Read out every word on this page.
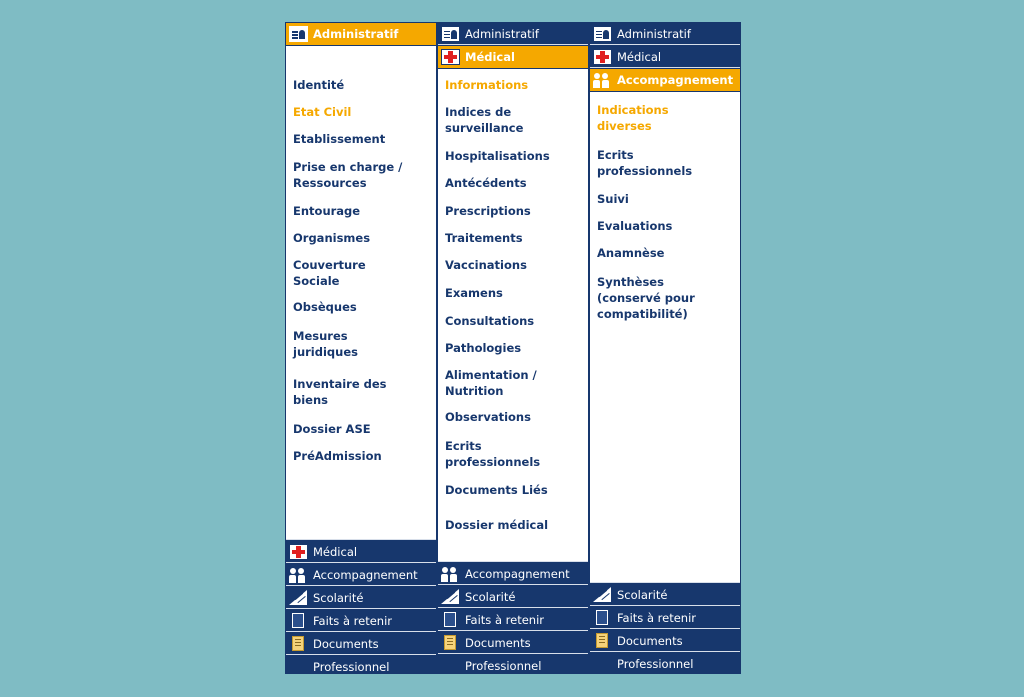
Administratif
Identité
Etat Civil
Etablissement
Prise en charge /
Ressources
Entourage
Organismes
Couverture
Sociale
Obsèques
Mesures
juridiques
Inventaire des
biens
Dossier ASE
PréAdmission
Médical
Accompagnement
Scolarité
Faits à retenir
Documents
Professionnel
Administratif
Médical
Informations
Indices de
surveillance
Hospitalisations
Antécédents
Prescriptions
Traitements
Vaccinations
Examens
Consultations
Pathologies
Alimentation /
Nutrition
Observations
Ecrits
professionnels
Documents Liés
Dossier médical
Accompagnement
Scolarité
Faits à retenir
Documents
Professionnel
Administratif
Médical
Accompagnement
Indications
diverses
Ecrits
professionnels
Suivi
Evaluations
Anamnèse
Synthèses
(conservé pour
compatibilité)
Scolarité
Faits à retenir
Documents
Professionnel
